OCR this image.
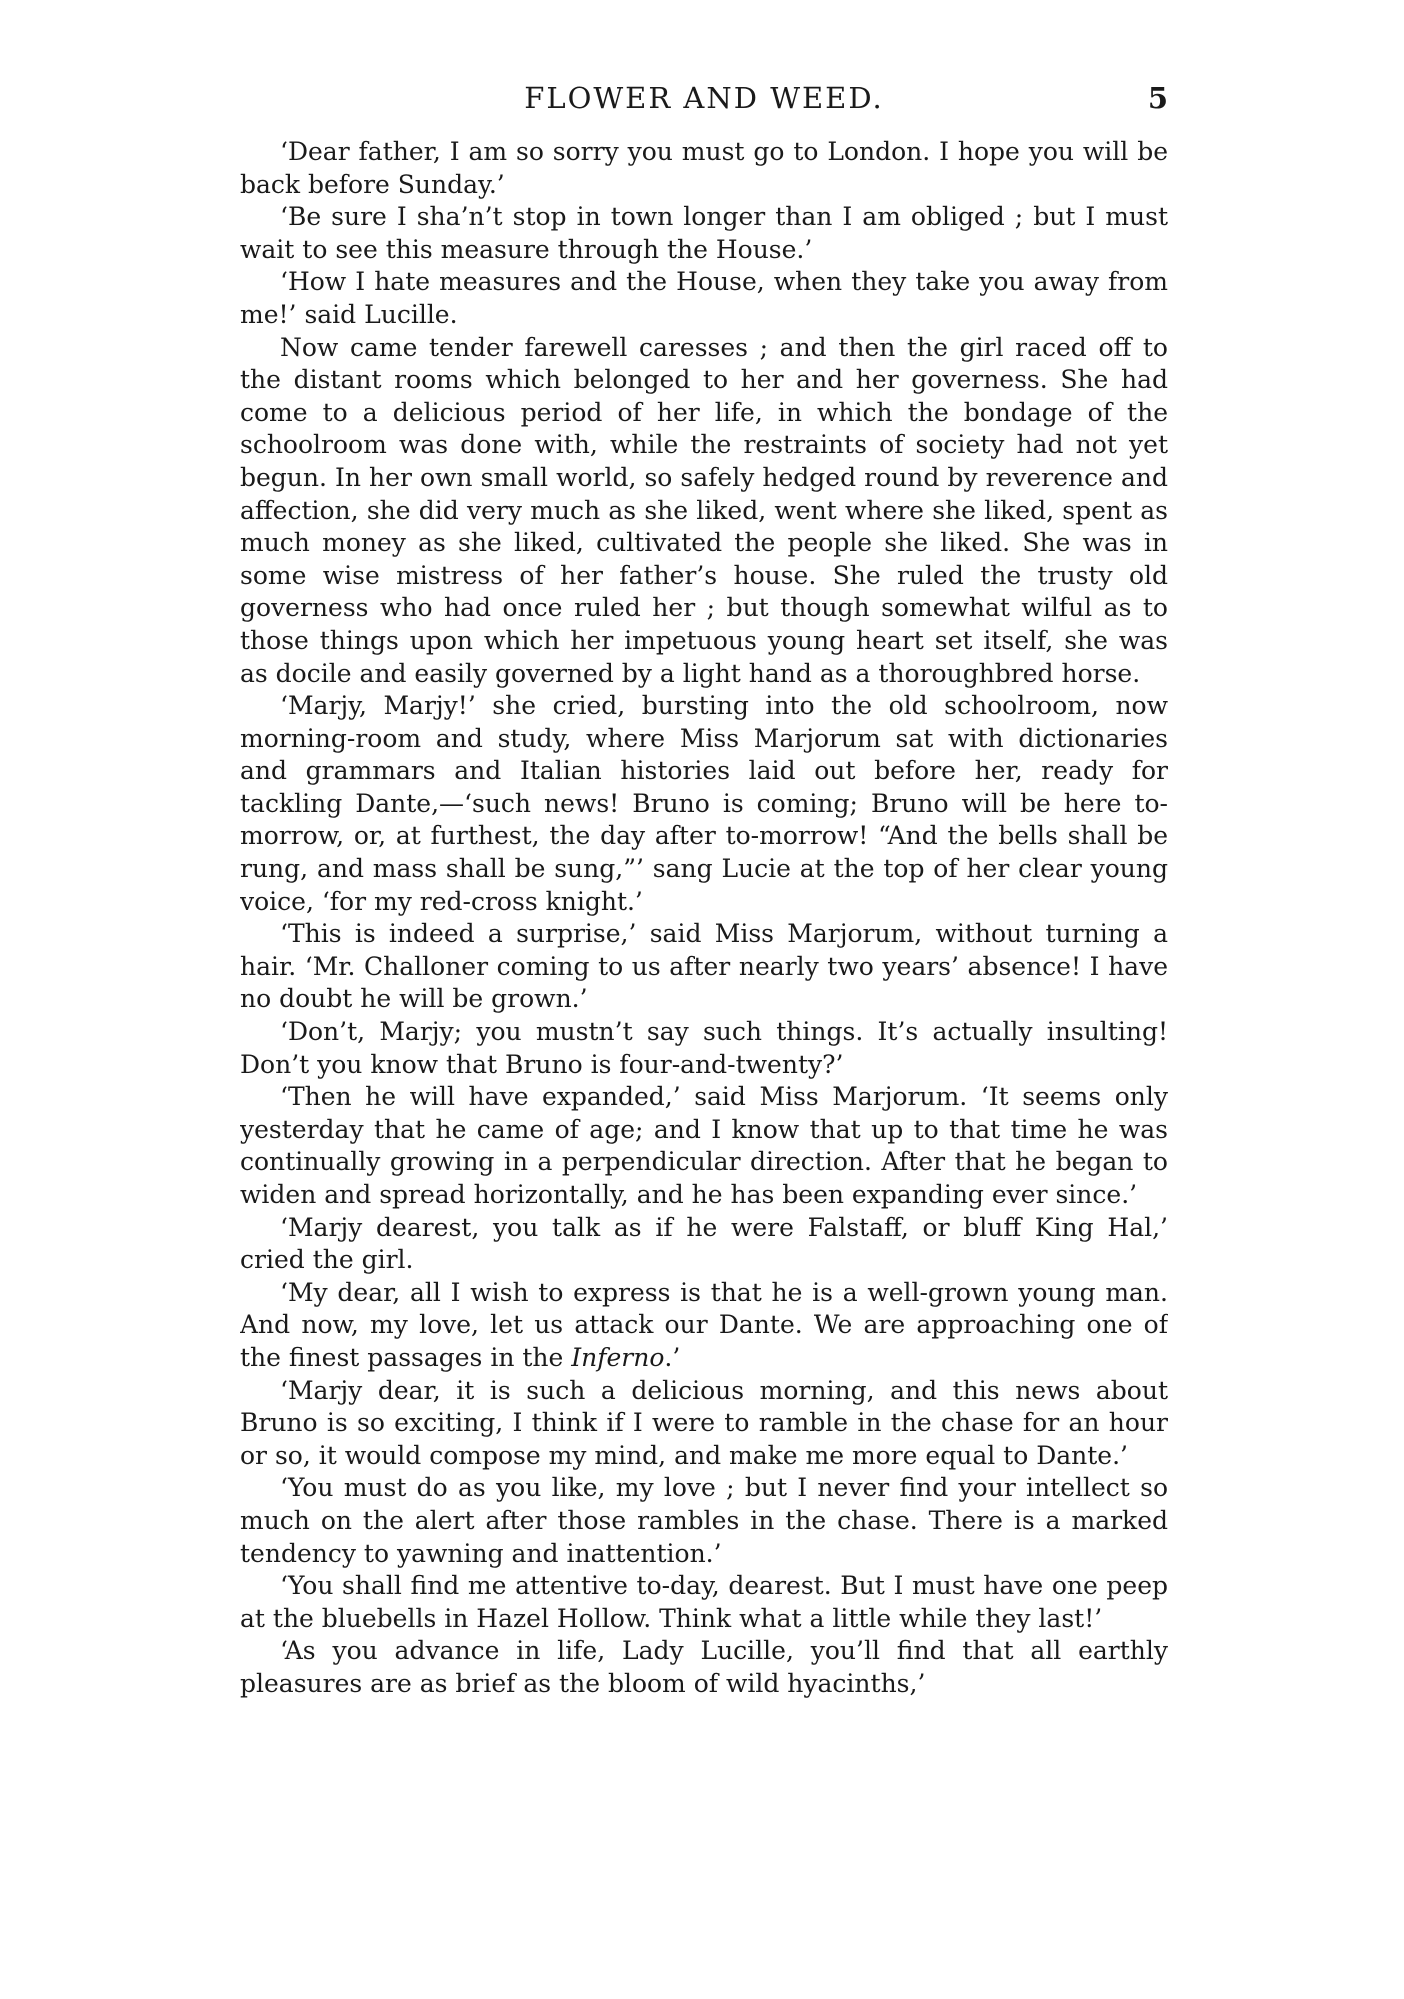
FLOWER AND WEED.	5

‘Dear father, I am so sorry you must go to London. I hope you will be back before Sunday.’

‘Be sure I sha’n’t stop in town longer than I am obliged ; but I must wait to see this measure through the House.’

‘How I hate measures and the House, when they take you away from me!’ said Lucille.

Now came tender farewell caresses ; and then the girl raced off to the distant rooms which belonged to her and her governess. She had come to a delicious period of her life, in which the bondage of the schoolroom was done with, while the restraints of society had not yet begun. In her own small world, so safely hedged round by reverence and affection, she did very much as she liked, went where she liked, spent as much money as she liked, cultivated the people she liked. She was in some wise mistress of her father’s house. She ruled the trusty old governess who had once ruled her ; but though somewhat wilful as to those things upon which her impetuous young heart set itself, she was as docile and easily governed by a light hand as a thoroughbred horse.

‘Marjy, Marjy!’ she cried, bursting into the old schoolroom, now morning-room and study, where Miss Marjorum sat with dictionaries and grammars and Italian histories laid out before her, ready for tackling Dante,—‘such news! Bruno is coming; Bruno will be here to-morrow, or, at furthest, the day after to-morrow! “And the bells shall be rung, and mass shall be sung,”’ sang Lucie at the top of her clear young voice, ‘for my red-cross knight.’

‘This is indeed a surprise,’ said Miss Marjorum, without turning a hair. ‘Mr. Challoner coming to us after nearly two years’ absence! I have no doubt he will be grown.’

‘Don’t, Marjy; you mustn’t say such things. It’s actually insulting! Don’t you know that Bruno is four-and-twenty?’

‘Then he will have expanded,’ said Miss Marjorum. ‘It seems only yesterday that he came of age; and I know that up to that time he was continually growing in a perpendicular direction. After that he began to widen and spread horizontally, and he has been expanding ever since.’

‘Marjy dearest, you talk as if he were Falstaff, or bluff King Hal,’ cried the girl.

‘My dear, all I wish to express is that he is a well-grown young man. And now, my love, let us attack our Dante. We are approaching one of the finest passages in the Inferno.’

‘Marjy dear, it is such a delicious morning, and this news about Bruno is so exciting, I think if I were to ramble in the chase for an hour or so, it would compose my mind, and make me more equal to Dante.’

‘You must do as you like, my love ; but I never find your intellect so much on the alert after those rambles in the chase. There is a marked tendency to yawning and inattention.’

‘You shall find me attentive to-day, dearest. But I must have one peep at the bluebells in Hazel Hollow. Think what a little while they last!’

‘As you advance in life, Lady Lucille, you’ll find that all earthly pleasures are as brief as the bloom of wild hyacinths,’
